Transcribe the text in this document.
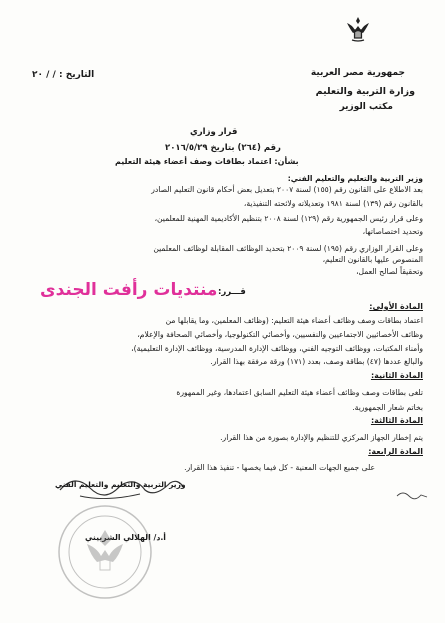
جمهورية مصر العربية
وزارة التربية والتعليم
مكتب الوزير
التاريخ : / / ٢٠
قرار وزاري
رقم (٢٦٤) بتاريخ ٢٠١٦/٥/٢٩
بشأن: اعتماد بطاقات وصف أعضاء هيئة التعليم
وزير التربية والتعليم والتعليم الفني:
بعد الاطلاع على القانون رقم (١٥٥) لسنة ٢٠٠٧ بتعديل بعض أحكام قانون التعليم الصادر
بالقانون رقم (١٣٩) لسنة ١٩٨١ وتعديلاته ولائحته التنفيذية،
وعلى قرار رئيس الجمهورية رقم (١٢٩) لسنة ٢٠٠٨ بتنظيم الأكاديمية المهنية للمعلمين،
وتحديد اختصاصاتها،
وعلى القرار الوزاري رقم (١٩٥) لسنة ٢٠٠٩ بتحديد الوظائف المقابلة لوظائف المعلمين
المنصوص عليها بالقانون التعليم،
وتحقيقاً لصالح العمل،
قـــرر:
منتديات رأفت الجندى
المادة الأولى:
اعتماد بطاقات وصف وظائف أعضاء هيئة التعليم: (وظائف المعلمين، وما يقابلها من
وظائف الأخصائيين الاجتماعيين والنفسيين، وأخصائي التكنولوجيا، وأخصائي الصحافة والإعلام،
وأمناء المكتبات، ووظائف التوجيه الفني، ووظائف الإدارة المدرسية، ووظائف الإدارة التعليمية)،
والبالغ عددها (٤٧) بطاقة وصف، بعدد (١٧١) ورقة مرفقة بهذا القرار.
المادة الثانية:
تلغى بطاقات وصف وظائف أعضاء هيئة التعليم السابق اعتمادها، وغير الممهورة
بخاتم شعار الجمهورية.
المادة الثالثة:
يتم إخطار الجهاز المركزي للتنظيم والإدارة بصورة من هذا القرار.
المادة الرابعة:
على جميع الجهات المعنية - كل فيما يخصها - تنفيذ هذا القرار.
وزير التربية والتعليم والتعليم الفني
أ.د/ الهلالي الشربيني
